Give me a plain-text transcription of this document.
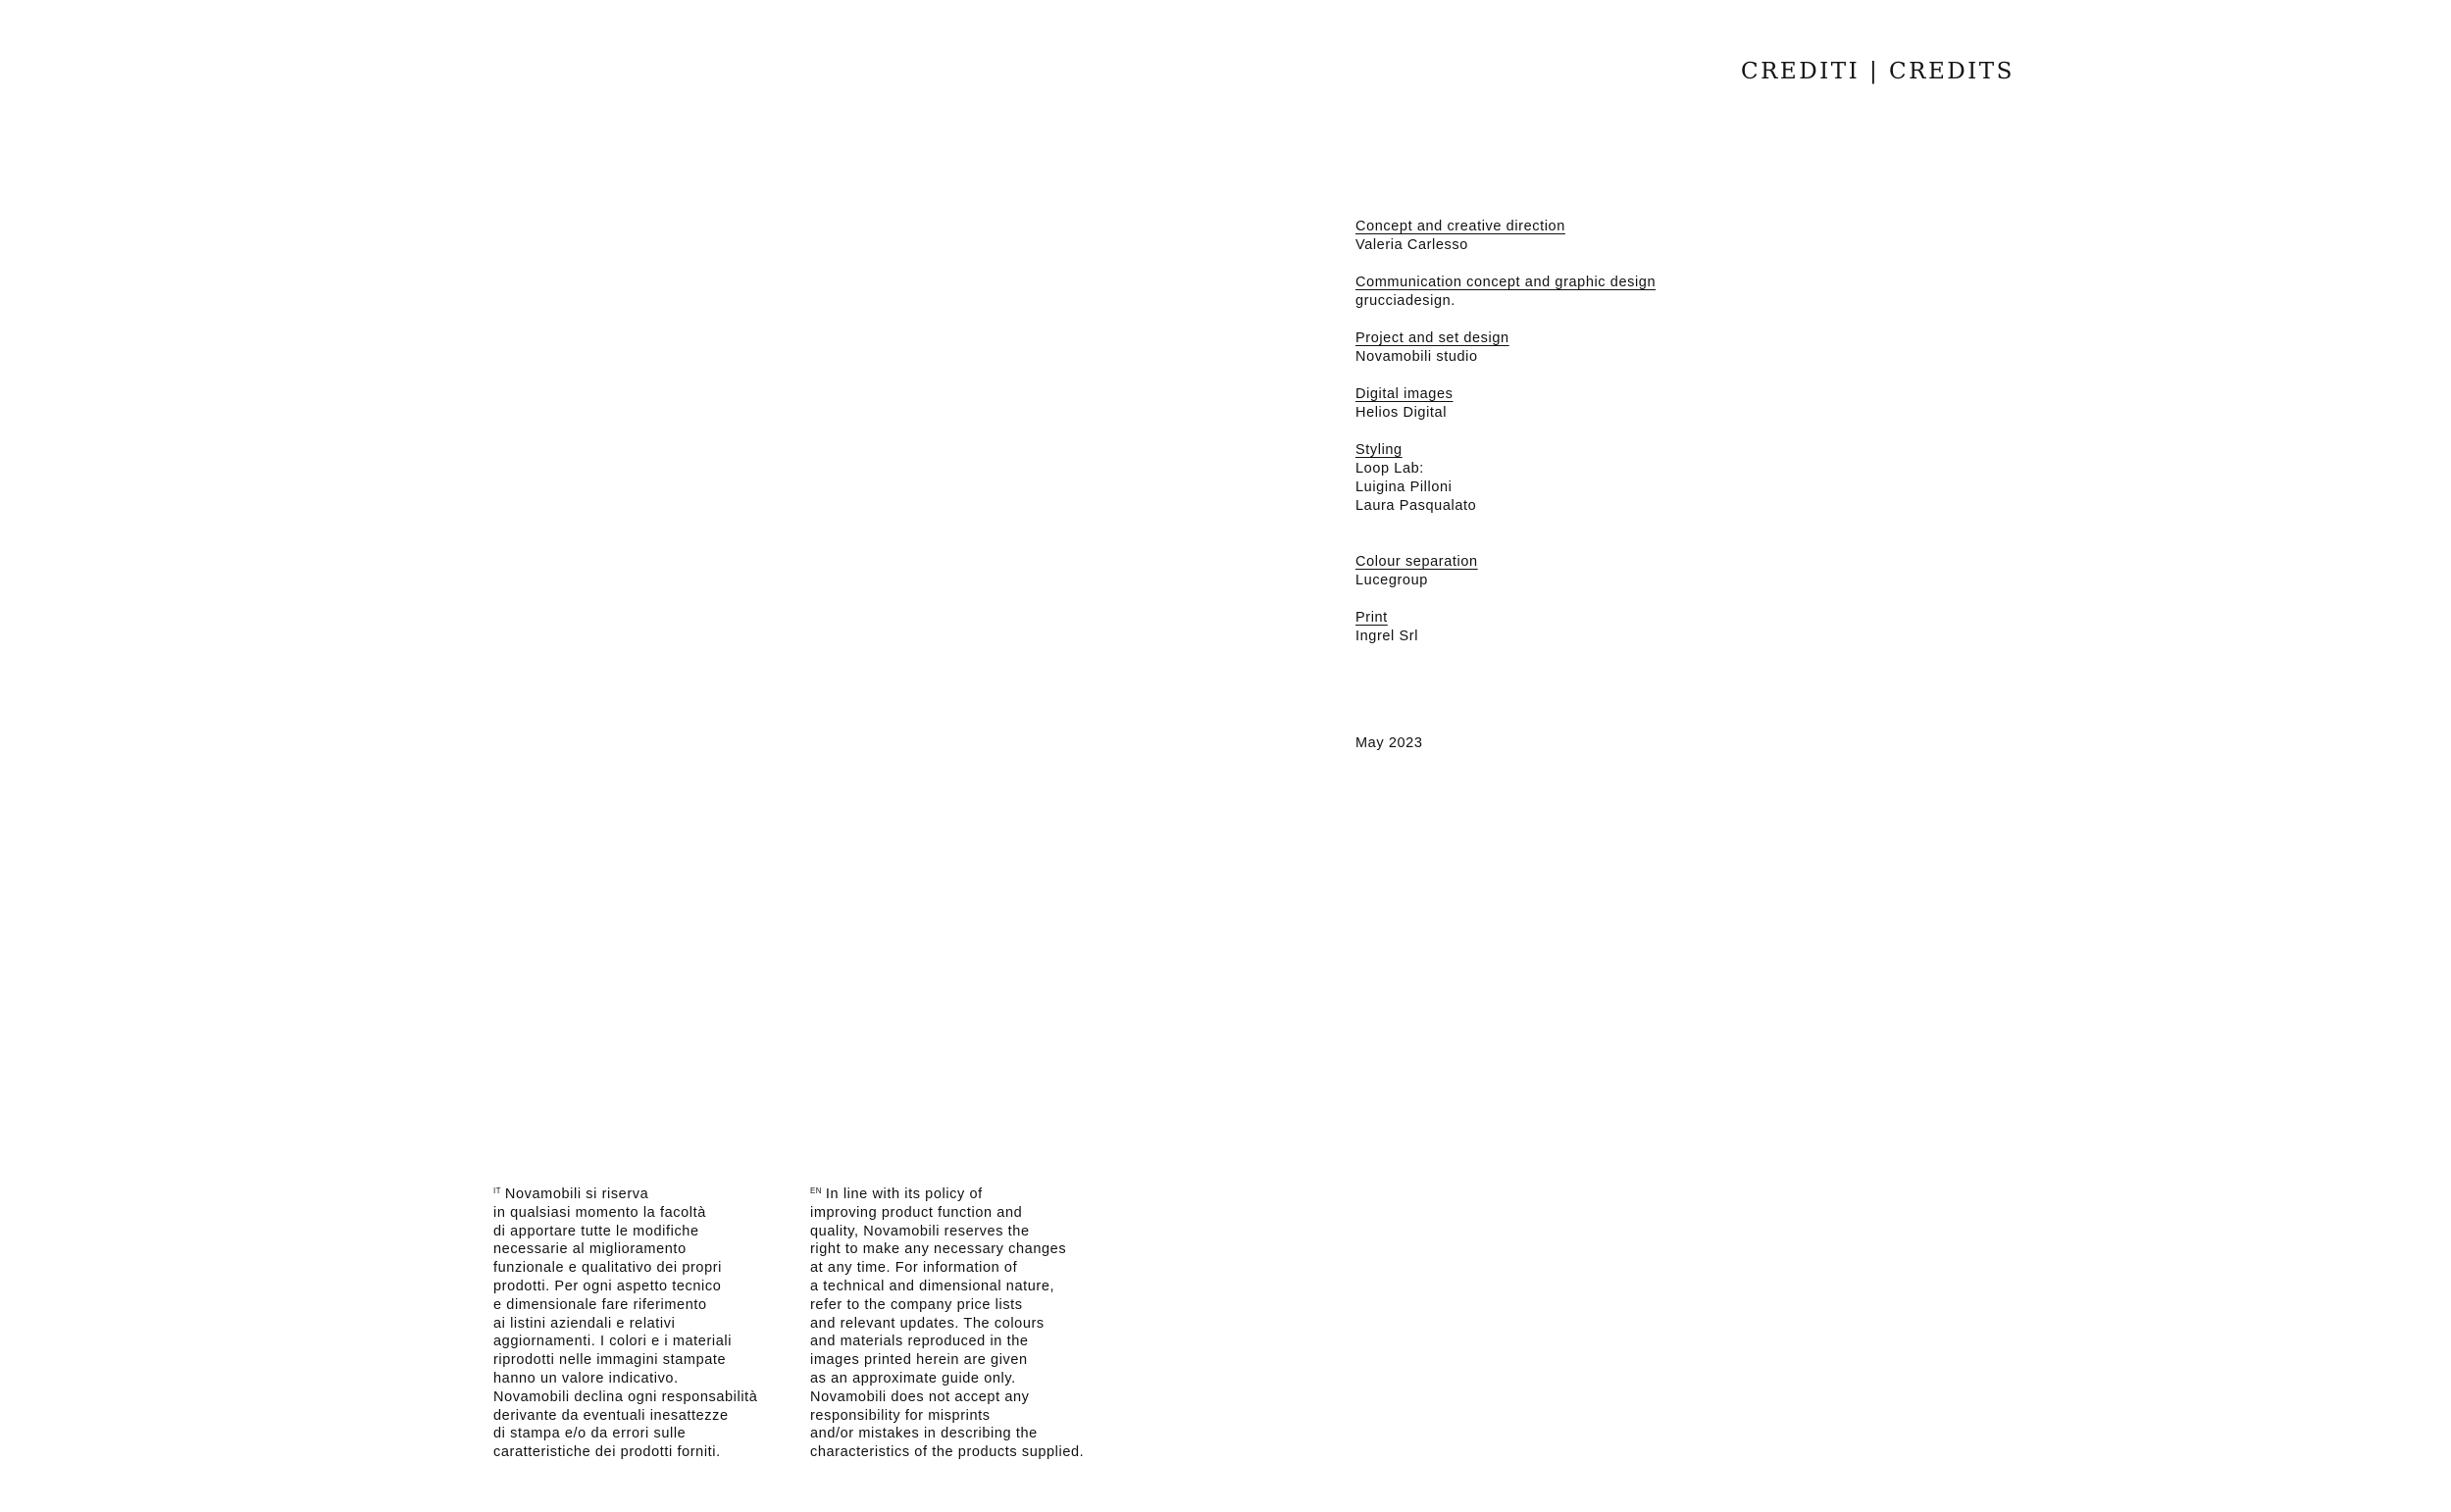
CREDITI | CREDITS
Concept and creative direction
Valeria Carlesso
Communication concept and graphic design
grucciadesign.
Project and set design
Novamobili studio
Digital images
Helios Digital
Styling
Loop Lab:
Luigina Pilloni
Laura Pasqualato
Colour separation
Lucegroup
Print
Ingrel Srl
May 2023
$^{IT}$ Novamobili si riserva
in qualsiasi momento la facoltà
di apportare tutte le modifiche
necessarie al miglioramento
funzionale e qualitativo dei propri
prodotti. Per ogni aspetto tecnico
e dimensionale fare riferimento
ai listini aziendali e relativi
aggiornamenti. I colori e i materiali
riprodotti nelle immagini stampate
hanno un valore indicativo.
Novamobili declina ogni responsabilità
derivante da eventuali inesattezze
di stampa e/o da errori sulle
caratteristiche dei prodotti forniti.
$^{EN}$ In line with its policy of
improving product function and
quality, Novamobili reserves the
right to make any necessary changes
at any time. For information of
a technical and dimensional nature,
refer to the company price lists
and relevant updates. The colours
and materials reproduced in the
images printed herein are given
as an approximate guide only.
Novamobili does not accept any
responsibility for misprints
and/or mistakes in describing the
characteristics of the products supplied.
